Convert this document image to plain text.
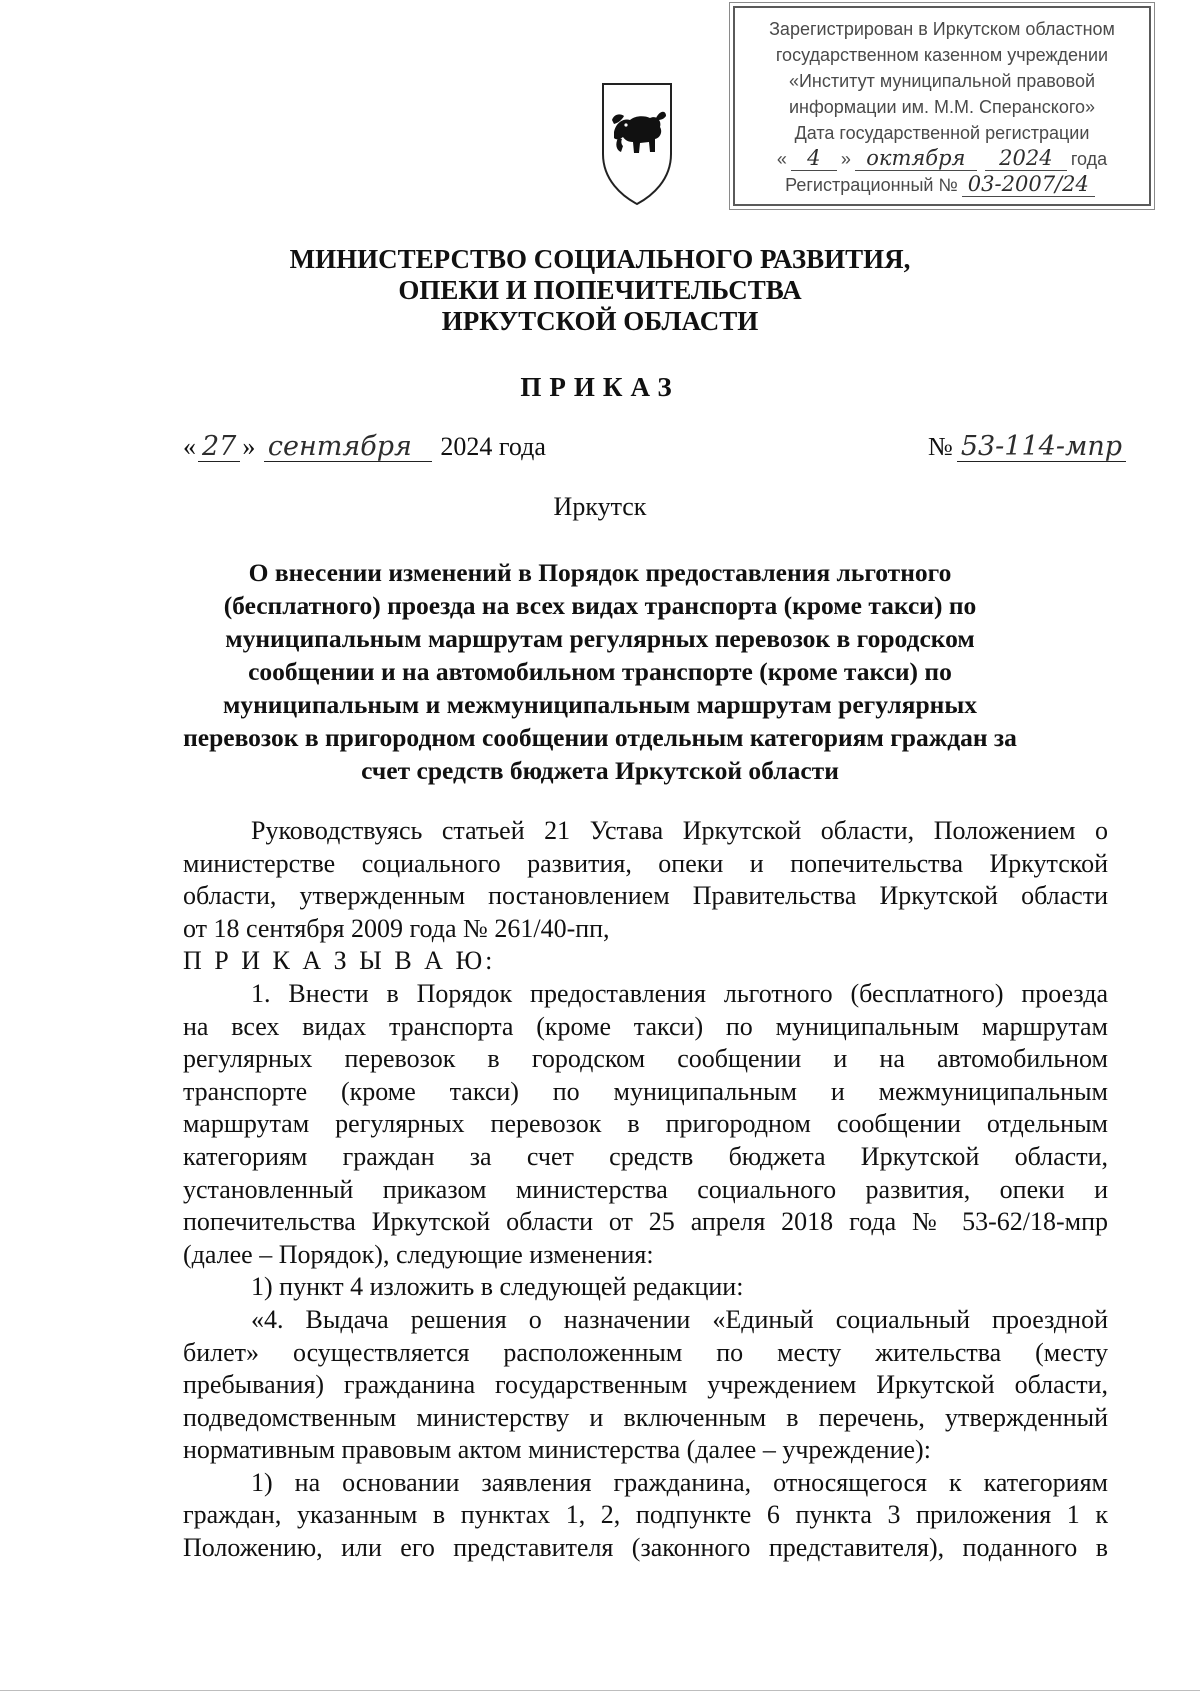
Зарегистрирован в Иркутском областном
государственном казенном учреждении
«Институт муниципальной правовой
информации им. М.М. Сперанского»
Дата государственной регистрации
« 4	» октября	2024	года
Регистрационный № 03-2007/24
МИНИСТЕРСТВО СОЦИАЛЬНОГО РАЗВИТИЯ,
ОПЕКИ И ПОПЕЧИТЕЛЬСТВА
ИРКУТСКОЙ ОБЛАСТИ
ПРИКАЗ
« 27 » сентября 2024 года	№ 53-114-мпр
Иркутск
О внесении изменений в Порядок предоставления льготного
(бесплатного) проезда на всех видах транспорта (кроме такси) по
муниципальным маршрутам регулярных перевозок в городском
сообщении и на автомобильном транспорте (кроме такси) по
муниципальным и межмуниципальным маршрутам регулярных
перевозок в пригородном сообщении отдельным категориям граждан за
счет средств бюджета Иркутской области
Руководствуясь статьей 21 Устава Иркутской области, Положением о
министерстве социального развития, опеки и попечительства Иркутской
области, утвержденным постановлением Правительства Иркутской области
от 18 сентября 2009 года № 261/40-пп,
П Р И К А З Ы В А Ю:
1. Внести в Порядок предоставления льготного (бесплатного) проезда
на всех видах транспорта (кроме такси) по муниципальным маршрутам
регулярных перевозок в городском сообщении и на автомобильном
транспорте (кроме такси) по муниципальным и межмуниципальным
маршрутам регулярных перевозок в пригородном сообщении отдельным
категориям граждан за счет средств бюджета Иркутской области,
установленный приказом министерства социального развития, опеки и
попечительства Иркутской области от 25 апреля 2018 года № 53-62/18-мпр
(далее – Порядок), следующие изменения:
1) пункт 4 изложить в следующей редакции:
«4. Выдача решения о назначении «Единый социальный проездной
билет» осуществляется расположенным по месту жительства (месту
пребывания) гражданина государственным учреждением Иркутской области,
подведомственным министерству и включенным в перечень, утвержденный
нормативным правовым актом министерства (далее – учреждение):
1) на основании заявления гражданина, относящегося к категориям
граждан, указанным в пунктах 1, 2, подпункте 6 пункта 3 приложения 1 к
Положению, или его представителя (законного представителя), поданного в
